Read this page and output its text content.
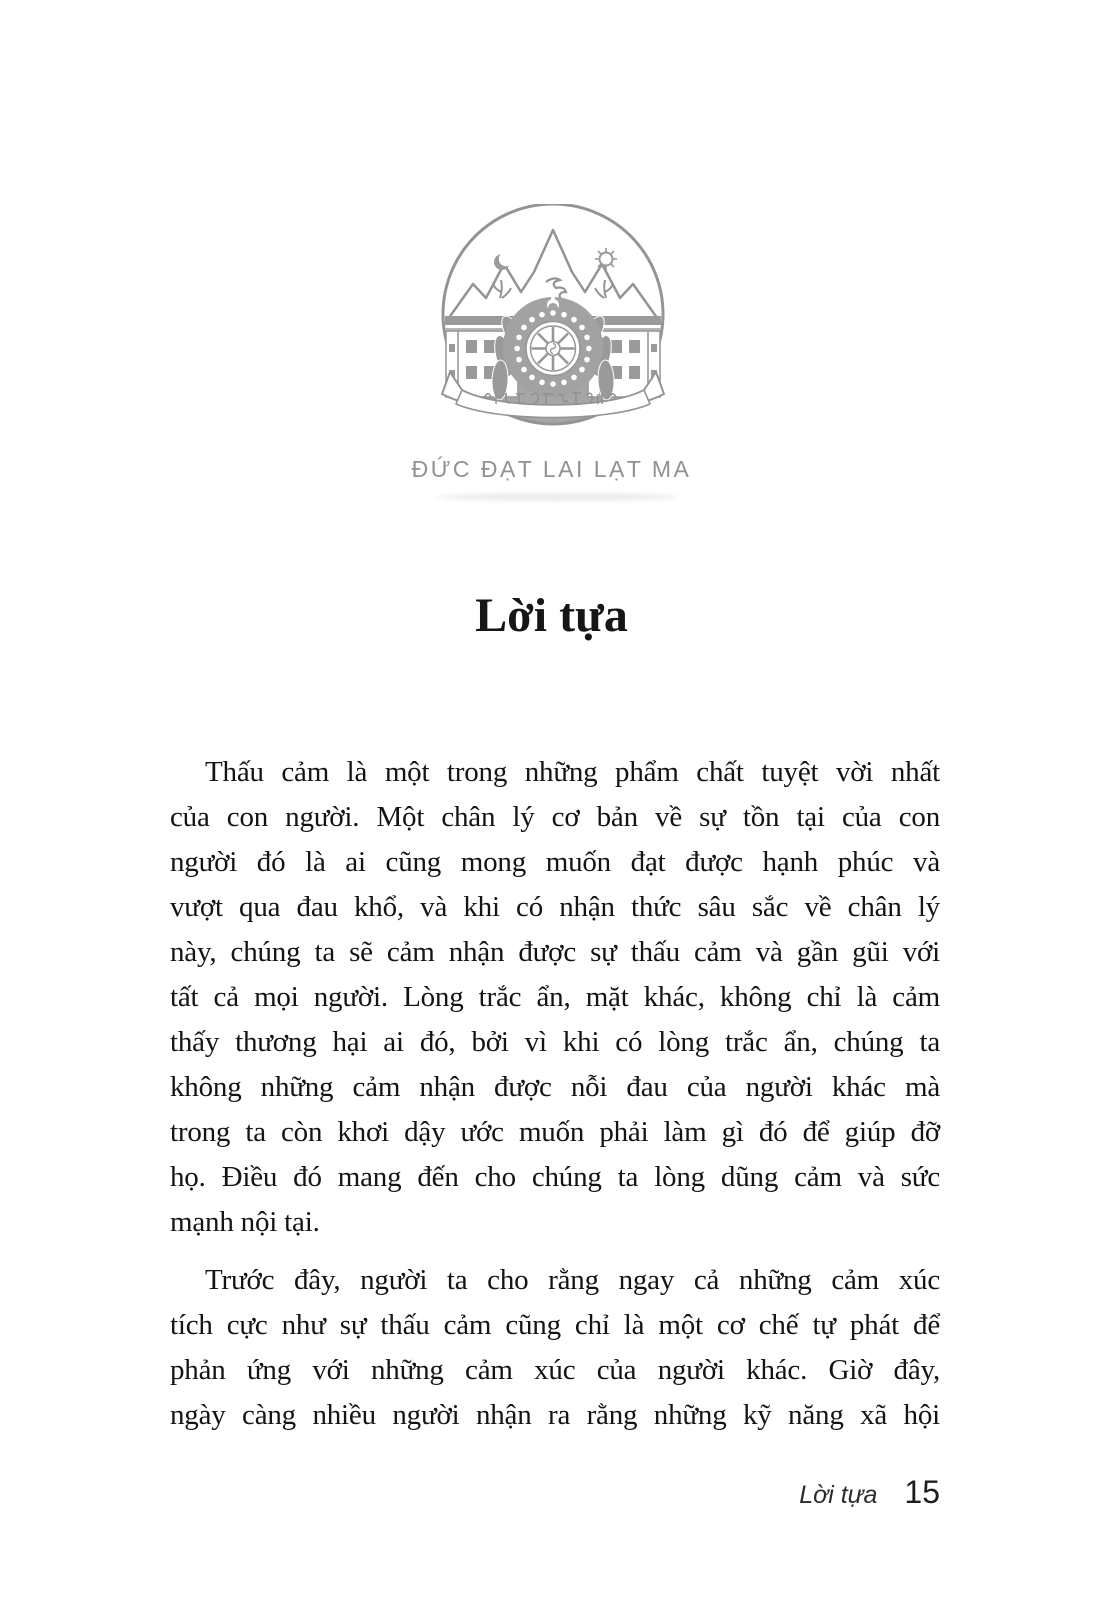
ĐỨC ĐẠT LAI LẠT MA
Lời tựa
Thấu cảm là một trong những phẩm chất tuyệt vời nhất
của con người. Một chân lý cơ bản về sự tồn tại của con
người đó là ai cũng mong muốn đạt được hạnh phúc và
vượt qua đau khổ, và khi có nhận thức sâu sắc về chân lý
này, chúng ta sẽ cảm nhận được sự thấu cảm và gần gũi với
tất cả mọi người. Lòng trắc ẩn, mặt khác, không chỉ là cảm
thấy thương hại ai đó, bởi vì khi có lòng trắc ẩn, chúng ta
không những cảm nhận được nỗi đau của người khác mà
trong ta còn khơi dậy ước muốn phải làm gì đó để giúp đỡ
họ. Điều đó mang đến cho chúng ta lòng dũng cảm và sức
mạnh nội tại.
Trước đây, người ta cho rằng ngay cả những cảm xúc
tích cực như sự thấu cảm cũng chỉ là một cơ chế tự phát để
phản ứng với những cảm xúc của người khác. Giờ đây,
ngày càng nhiều người nhận ra rằng những kỹ năng xã hội
Lời tựa 15
